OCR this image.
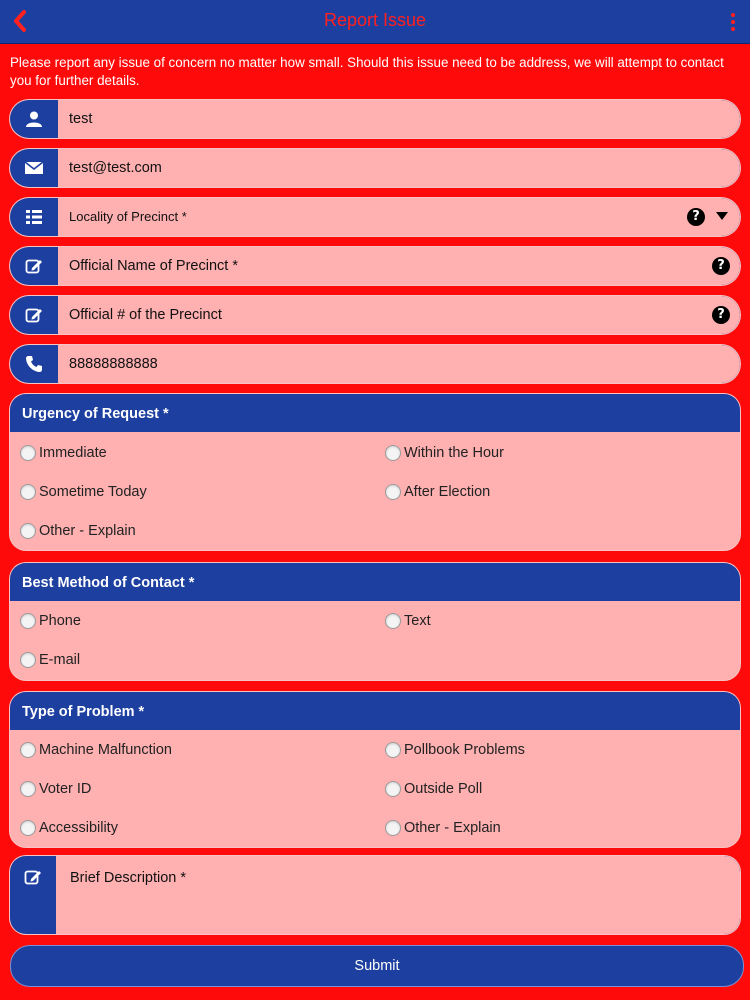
Report Issue
Please report any issue of concern no matter how small. Should this issue need to be address, we will attempt to contact you for further details.
test
test@test.com
Locality of Precinct *	?
Official Name of Precinct *	?
Official # of the Precinct	?
88888888888
Urgency of Request *
Immediate	Within the Hour
Sometime Today	After Election
Other - Explain
Best Method of Contact *
Phone	Text
E-mail
Type of Problem *
Machine Malfunction	Pollbook Problems
Voter ID	Outside Poll
Accessibility	Other - Explain
Brief Description *
Submit
